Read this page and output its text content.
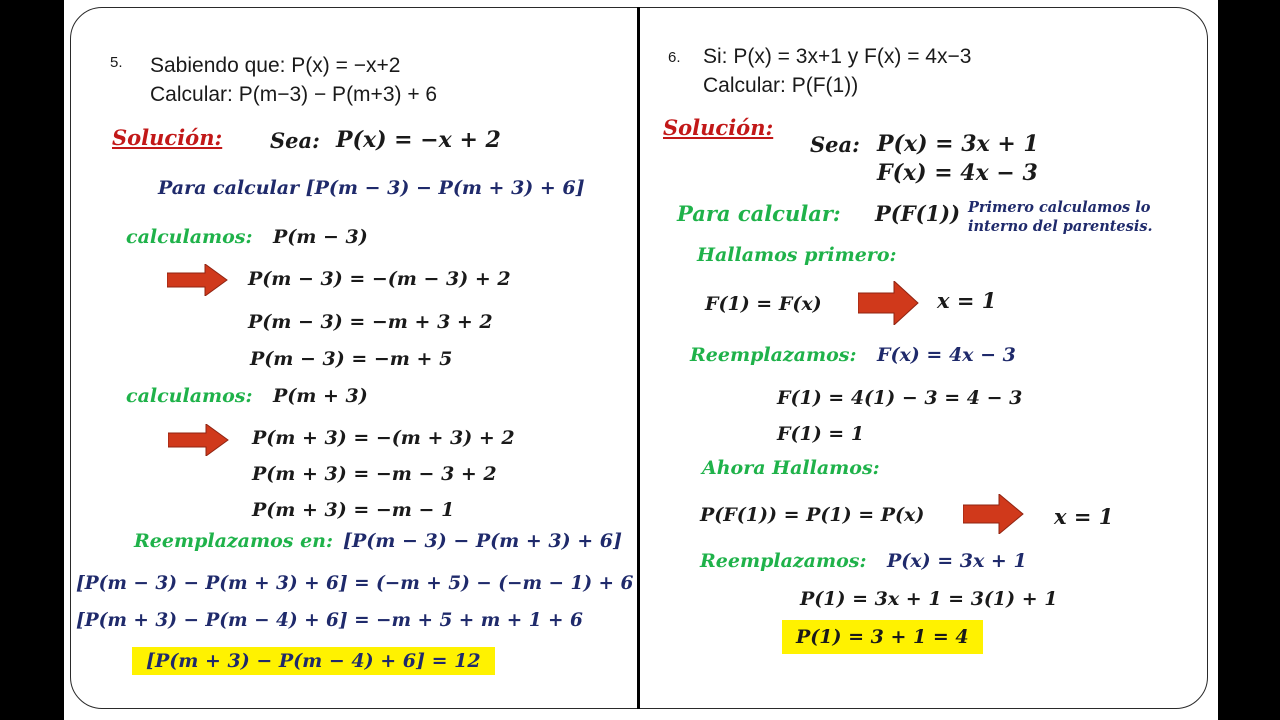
5. Sabiendo que: P(x) = −x+2
Calcular: P(m−3) − P(m+3) + 6
Solución: Sea: P(x) = −x + 2
Para calcular [P(m − 3) − P(m + 3) + 6]
calculamos: P(m − 3)
P(m − 3) = −(m − 3) + 2
P(m − 3) = −m + 3 + 2
P(m − 3) = −m + 5
calculamos: P(m + 3)
P(m + 3) = −(m + 3) + 2
P(m + 3) = −m − 3 + 2
P(m + 3) = −m − 1
Reemplazamos en: [P(m − 3) − P(m + 3) + 6]
[P(m − 3) − P(m + 3) + 6] = (−m + 5) − (−m − 1) + 6
[P(m + 3) − P(m − 4) + 6] = −m + 5 + m + 1 + 6
[P(m + 3) − P(m − 4) + 6] = 12
6. Si: P(x) = 3x+1 y F(x) = 4x−3
Calcular: P(F(1))
Solución:
Sea: P(x) = 3x + 1
F(x) = 4x − 3
Para calcular: P(F(1)) Primero calculamos lo
interno del parentesis.
Hallamos primero:
F(1) = F(x)	x = 1
Reemplazamos: F(x) = 4x − 3
F(1) = 4(1) − 3 = 4 − 3
F(1) = 1
Ahora Hallamos:
P(F(1)) = P(1) = P(x)	x = 1
Reemplazamos: P(x) = 3x + 1
P(1) = 3x + 1 = 3(1) + 1
P(1) = 3 + 1 = 4
